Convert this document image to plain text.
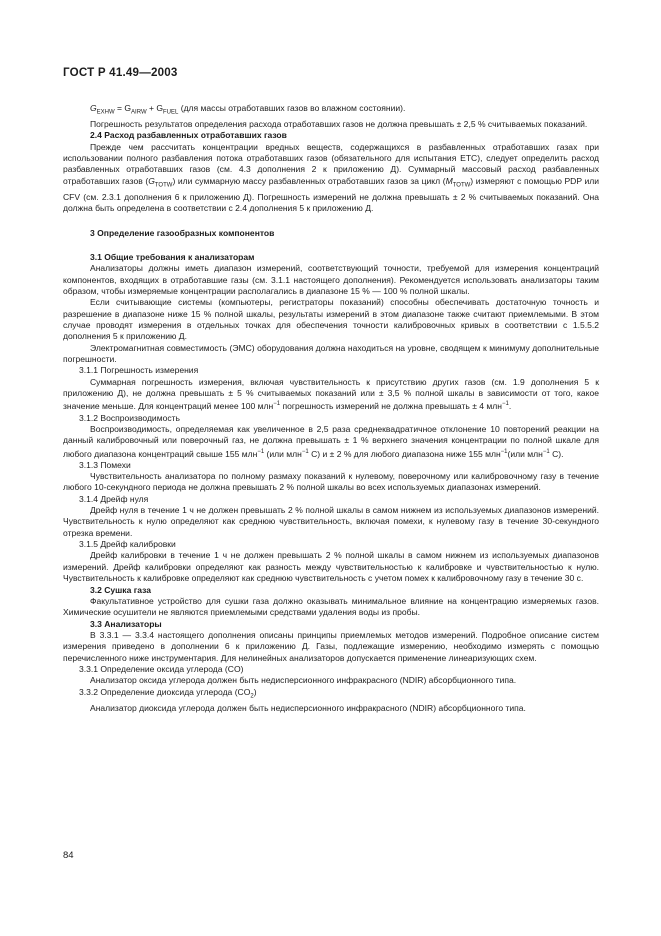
ГОСТ Р 41.49—2003

$G_{EXHW} = G_{AIRW} + G_{FUEL}$ (для массы отработавших газов во влажном состоянии).

Погрешность результатов определения расхода отработавших газов не должна превышать ± 2,5 % считываемых показаний.

2.4 Расход разбавленных отработавших газов

Прежде чем рассчитать концентрации вредных веществ, содержащихся в разбавленных отработавших газах при использовании полного разбавления потока отработавших газов (обязательного для испытания ЕТС), следует определить расход разбавленных отработавших газов (см. 4.3 дополнения 2 к приложению Д). Суммарный массовый расход разбавленных отработавших газов $(G_{TOTW})$ или суммарную массу разбавленных отработавших газов за цикл $(M_{TOTW})$ измеряют с помощью PDP или CFV (см. 2.3.1 дополнения 6 к приложению Д). Погрешность измерений не должна превышать ± 2 % считываемых показаний. Она должна быть определена в соответствии с 2.4 дополнения 5 к приложению Д.

3 Определение газообразных компонентов

3.1 Общие требования к анализаторам

Анализаторы должны иметь диапазон измерений, соответствующий точности, требуемой для измерения концентраций компонентов, входящих в отработавшие газы (см. 3.1.1 настоящего дополнения). Рекомендуется использовать анализаторы таким образом, чтобы измеряемые концентрации располагались в диапазоне 15 % — 100 % полной шкалы.

Если считывающие системы (компьютеры, регистраторы показаний) способны обеспечивать достаточную точность и разрешение в диапазоне ниже 15 % полной шкалы, результаты измерений в этом диапазоне также считают приемлемыми. В этом случае проводят измерения в отдельных точках для обеспечения точности калибровочных кривых в соответствии с 1.5.5.2 дополнения 5 к приложению Д.

Электромагнитная совместимость (ЭМС) оборудования должна находиться на уровне, сводящем к минимуму дополнительные погрешности.

3.1.1 Погрешность измерения

Суммарная погрешность измерения, включая чувствительность к присутствию других газов (см. 1.9 дополнения 5 к приложению Д), не должна превышать ± 5 % считываемых показаний или ± 3,5 % полной шкалы в зависимости от того, какое значение меньше. Для концентраций менее 100 млн$^{-1}$ погрешность измерений не должна превышать ± 4 млн$^{-1}$.

3.1.2 Воспроизводимость

Воспроизводимость, определяемая как увеличенное в 2,5 раза среднеквадратичное отклонение 10 повторений реакции на данный калибровочный или поверочный газ, не должна превышать ± 1 % верхнего значения концентрации по полной шкале для любого диапазона концентраций свыше 155 млн$^{-1}$ (или млн$^{-1}$ С) и ± 2 % для любого диапазона ниже 155 млн$^{-1}$(или млн$^{-1}$ С).

3.1.3 Помехи

Чувствительность анализатора по полному размаху показаний к нулевому, поверочному или калибровочному газу в течение любого 10-секундного периода не должна превышать 2 % полной шкалы во всех используемых диапазонах измерений.

3.1.4 Дрейф нуля

Дрейф нуля в течение 1 ч не должен превышать 2 % полной шкалы в самом нижнем из используемых диапазонов измерений. Чувствительность к нулю определяют как среднюю чувствительность, включая помехи, к нулевому газу в течение 30-секундного отрезка времени.

3.1.5 Дрейф калибровки

Дрейф калибровки в течение 1 ч не должен превышать 2 % полной шкалы в самом нижнем из используемых диапазонов измерений. Дрейф калибровки определяют как разность между чувствительностью к калибровке и чувствительностью к нулю. Чувствительность к калибровке определяют как среднюю чувствительность с учетом помех к калибровочному газу в течение 30 с.

3.2 Сушка газа

Факультативное устройство для сушки газа должно оказывать минимальное влияние на концентрацию измеряемых газов. Химические осушители не являются приемлемыми средствами удаления воды из пробы.

3.3 Анализаторы

В 3.3.1 — 3.3.4 настоящего дополнения описаны принципы приемлемых методов измерений. Подробное описание систем измерения приведено в дополнении 6 к приложению Д. Газы, подлежащие измерению, необходимо измерять с помощью перечисленного ниже инструментария. Для нелинейных анализаторов допускается применение линеаризующих схем.

3.3.1 Определение оксида углерода (CO)

Анализатор оксида углерода должен быть недисперсионного инфракрасного (NDIR) абсорбционного типа.

3.3.2 Определение диоксида углерода $(CO_2)$

Анализатор диоксида углерода должен быть недисперсионного инфракрасного (NDIR) абсорбционного типа.

84
